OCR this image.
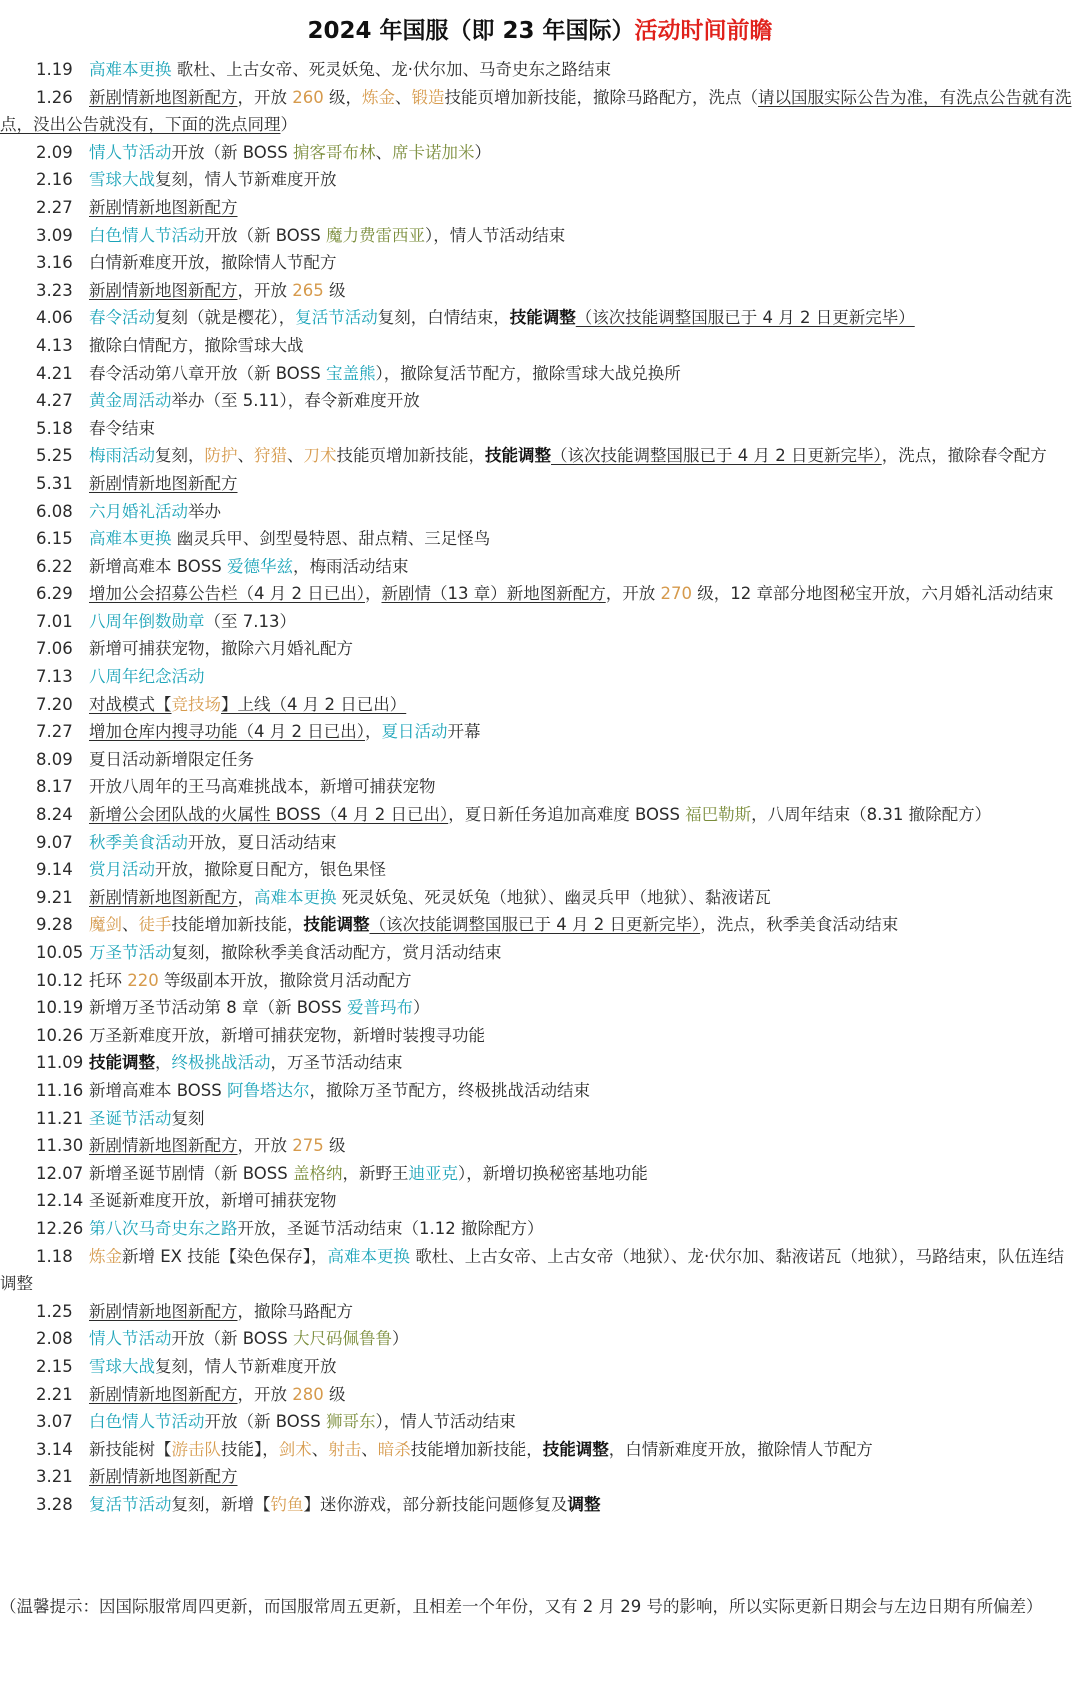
2024 年国服（即 23 年国际）活动时间前瞻
1.19 高难本更换 歌杜、上古女帝、死灵妖兔、龙·伏尔加、马奇史东之路结束
1.26 新剧情新地图新配方，开放 260 级，炼金、锻造技能页增加新技能，撤除马路配方，洗点（请以国服实际公告为准，有洗点公告就有洗点，没出公告就没有，下面的洗点同理）
2.09 情人节活动开放（新 BOSS 掮客哥布林、席卡诺加米）
2.16 雪球大战复刻，情人节新难度开放
2.27 新剧情新地图新配方
3.09 白色情人节活动开放（新 BOSS 魔力费雷西亚），情人节活动结束
3.16 白情新难度开放，撤除情人节配方
3.23 新剧情新地图新配方，开放 265 级
4.06 春令活动复刻（就是樱花），复活节活动复刻，白情结束，技能调整（该次技能调整国服已于 4 月 2 日更新完毕）
4.13 撤除白情配方，撤除雪球大战
4.21 春令活动第八章开放（新 BOSS 宝盖熊），撤除复活节配方，撤除雪球大战兑换所
4.27 黄金周活动举办（至 5.11），春令新难度开放
5.18 春令结束
5.25 梅雨活动复刻，防护、狩猎、刀术技能页增加新技能，技能调整（该次技能调整国服已于 4 月 2 日更新完毕），洗点，撤除春令配方
5.31 新剧情新地图新配方
6.08 六月婚礼活动举办
6.15 高难本更换 幽灵兵甲、剑型曼特恩、甜点精、三足怪鸟
6.22 新增高难本 BOSS 爱德华兹，梅雨活动结束
6.29 增加公会招募公告栏（4 月 2 日已出），新剧情（13 章）新地图新配方，开放 270 级，12 章部分地图秘宝开放，六月婚礼活动结束
7.01 八周年倒数勋章（至 7.13）
7.06 新增可捕获宠物，撤除六月婚礼配方
7.13 八周年纪念活动
7.20 对战模式【竞技场】上线（4 月 2 日已出）
7.27 增加仓库内搜寻功能（4 月 2 日已出），夏日活动开幕
8.09 夏日活动新增限定任务
8.17 开放八周年的王马高难挑战本，新增可捕获宠物
8.24 新增公会团队战的火属性 BOSS（4 月 2 日已出），夏日新任务追加高难度 BOSS 福巴勒斯，八周年结束（8.31 撤除配方）
9.07 秋季美食活动开放，夏日活动结束
9.14 赏月活动开放，撤除夏日配方，银色果怪
9.21 新剧情新地图新配方，高难本更换 死灵妖兔、死灵妖兔（地狱）、幽灵兵甲（地狱）、黏液诺瓦
9.28 魔剑、徒手技能增加新技能，技能调整（该次技能调整国服已于 4 月 2 日更新完毕），洗点，秋季美食活动结束
10.05 万圣节活动复刻，撤除秋季美食活动配方，赏月活动结束
10.12 托环 220 等级副本开放，撤除赏月活动配方
10.19 新增万圣节活动第 8 章（新 BOSS 爱普玛布）
10.26 万圣新难度开放，新增可捕获宠物，新增时装搜寻功能
11.09 技能调整，终极挑战活动，万圣节活动结束
11.16 新增高难本 BOSS 阿鲁塔达尔，撤除万圣节配方，终极挑战活动结束
11.21 圣诞节活动复刻
11.30 新剧情新地图新配方，开放 275 级
12.07 新增圣诞节剧情（新 BOSS 盖格纳，新野王迪亚克），新增切换秘密基地功能
12.14 圣诞新难度开放，新增可捕获宠物
12.26 第八次马奇史东之路开放，圣诞节活动结束（1.12 撤除配方）
1.18 炼金新增 EX 技能【染色保存】，高难本更换 歌杜、上古女帝、上古女帝（地狱）、龙·伏尔加、黏液诺瓦（地狱），马路结束，队伍连结调整
1.25 新剧情新地图新配方，撤除马路配方
2.08 情人节活动开放（新 BOSS 大尺码佩鲁鲁）
2.15 雪球大战复刻，情人节新难度开放
2.21 新剧情新地图新配方，开放 280 级
3.07 白色情人节活动开放（新 BOSS 狮哥东），情人节活动结束
3.14 新技能树【游击队技能】，剑术、射击、暗杀技能增加新技能，技能调整，白情新难度开放，撤除情人节配方
3.21 新剧情新地图新配方
3.28 复活节活动复刻，新增【钓鱼】迷你游戏，部分新技能问题修复及调整
（温馨提示：因国际服常周四更新，而国服常周五更新，且相差一个年份，又有 2 月 29 号的影响，所以实际更新日期会与左边日期有所偏差）
